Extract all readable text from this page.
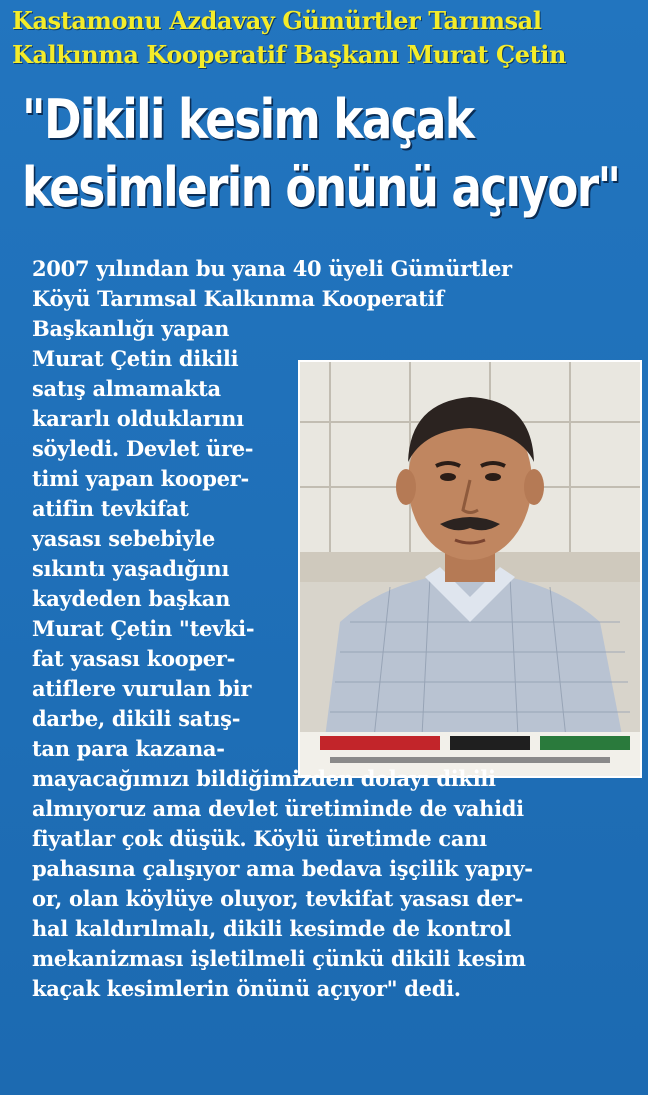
Kastamonu Azdavay Gümürtler Tarımsal
Kalkınma Kooperatif Başkanı Murat Çetin
"Dikili kesim kaçak
kesimlerin önünü açıyor"
2007 yılından bu yana 40 üyeli Gümürtler
Köyü Tarımsal Kalkınma Kooperatif
Başkanlığı yapan
Murat Çetin dikili
satış almamakta
kararlı olduklarını
söyledi. Devlet üre-
timi yapan kooper-
atifin tevkifat
yasası sebebiyle
sıkıntı yaşadığını
kaydeden başkan
Murat Çetin "tevki-
fat yasası kooper-
atiflere vurulan bir
darbe, dikili satış-
tan para kazana-
mayacağımızı bildiğimizden dolayı dikili
almıyoruz ama devlet üretiminde de vahidi
fiyatlar çok düşük. Köylü üretimde canı
pahasına çalışıyor ama bedava işçilik yapıy-
or, olan köylüye oluyor, tevkifat yasası der-
hal kaldırılmalı, dikili kesimde de kontrol
mekanizması işletilmeli çünkü dikili kesim
kaçak kesimlerin önünü açıyor" dedi.
